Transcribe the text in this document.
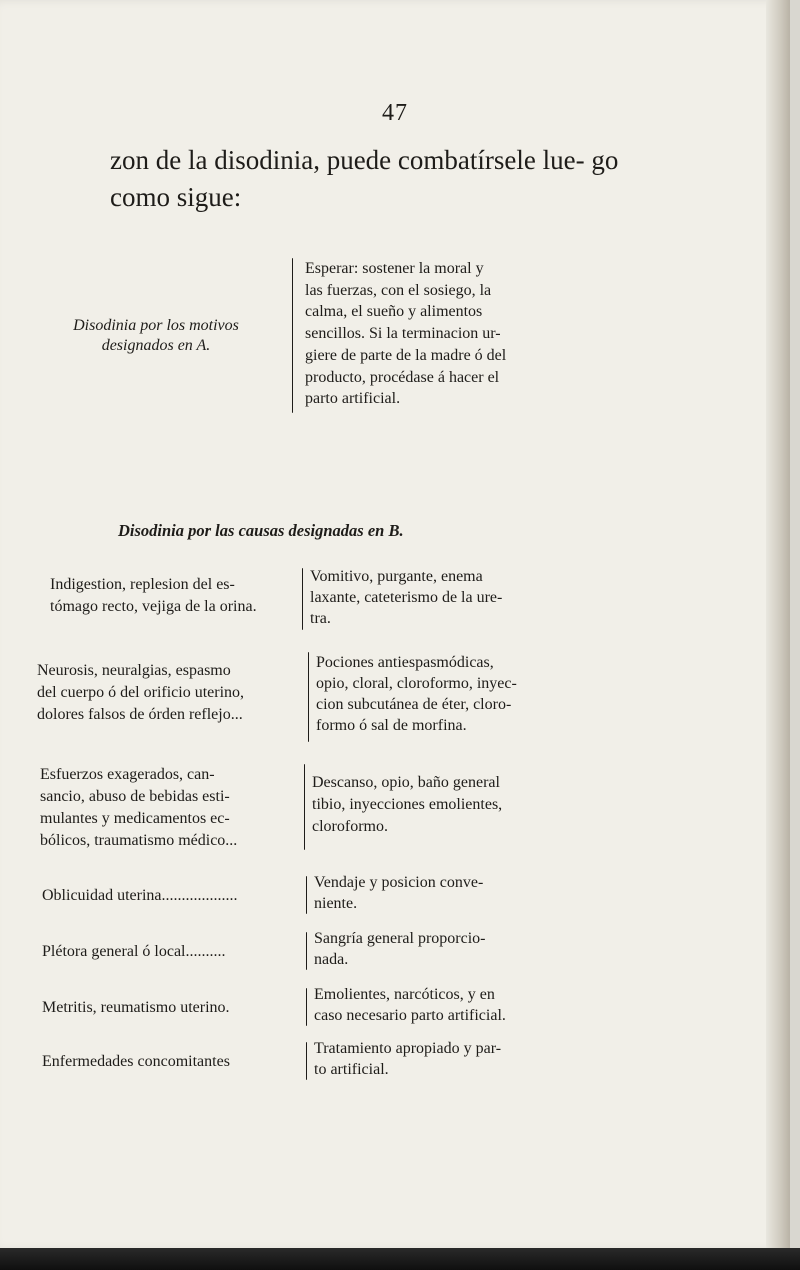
47
zon de la disodinia, puede combatírsele lue- go como sigue:
Disodinia por los motivos
designados en A.
Esperar: sostener la moral y
las fuerzas, con el sosiego, la
calma, el sueño y alimentos
sencillos. Si la terminacion ur-
giere de parte de la madre ó del
producto, procédase á hacer el
parto artificial.
Disodinia por las causas designadas en B.
Indigestion, replesion del es-
tómago recto, vejiga de la orina.
Vomitivo, purgante, enema
laxante, cateterismo de la ure-
tra.
Neurosis, neuralgias, espasmo
del cuerpo ó del orificio uterino,
dolores falsos de órden reflejo...
Pociones antiespasmódicas,
opio, cloral, cloroformo, inyec-
cion subcutánea de éter, cloro-
formo ó sal de morfina.
Esfuerzos exagerados, can-
sancio, abuso de bebidas esti-
mulantes y medicamentos ec-
bólicos, traumatismo médico...
Descanso, opio, baño general
tibio, inyecciones emolientes,
cloroformo.
Oblicuidad uterina...................
Vendaje y posicion conve-
niente.
Plétora general ó local..........
Sangría general proporcio-
nada.
Metritis, reumatismo uterino.
Emolientes, narcóticos, y en
caso necesario parto artificial.
Enfermedades concomitantes
Tratamiento apropiado y par-
to artificial.
